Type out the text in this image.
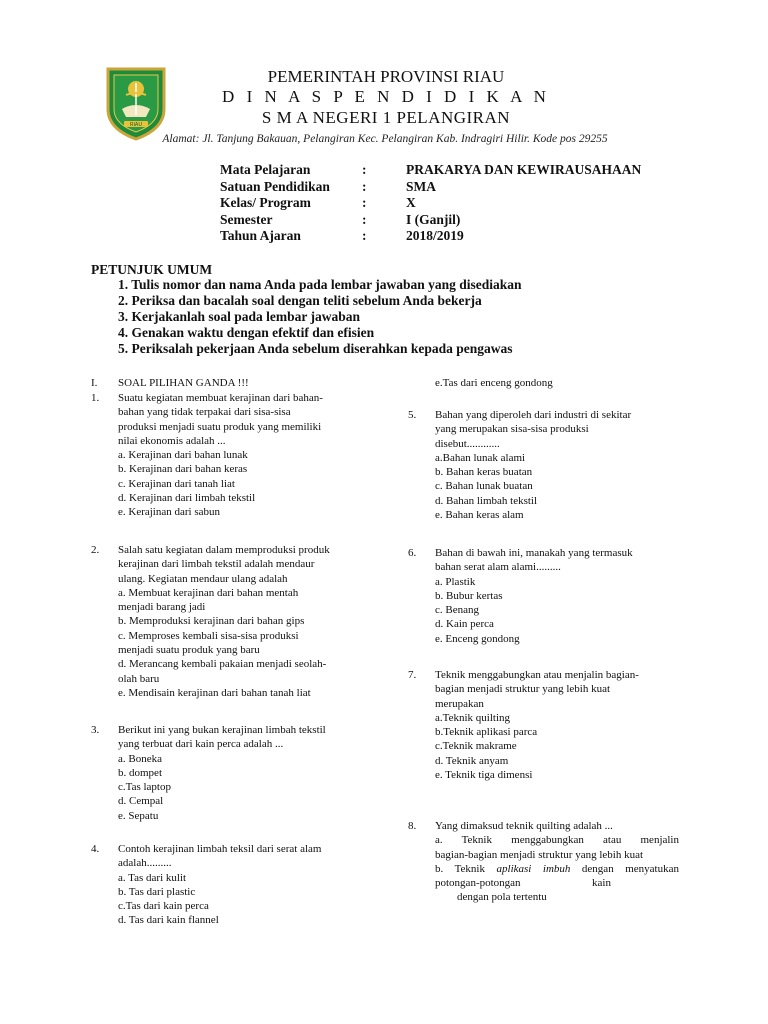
RIAU
PEMERINTAH PROVINSI RIAU
D I N A S P E N D I D I K A N
S M A NEGERI 1 PELANGIRAN
Alamat: Jl. Tanjung Bakauan, Pelangiran Kec. Pelangiran Kab. Indragiri Hilir. Kode pos 29255
Mata Pelajaran	:	PRAKARYA DAN KEWIRAUSAHAAN
Satuan Pendidikan :	SMA
Kelas/ Program	:	X
Semester	:	I (Ganjil)
Tahun Ajaran	:	2018/2019
PETUNJUK UMUM
1. Tulis nomor dan nama Anda pada lembar jawaban yang disediakan
2. Periksa dan bacalah soal dengan teliti sebelum Anda bekerja
3. Kerjakanlah soal pada lembar jawaban
4. Genakan waktu dengan efektif dan efisien
5. Periksalah pekerjaan Anda sebelum diserahkan kepada pengawas
I. SOAL PILIHAN GANDA !!!
1. Suatu kegiatan membuat kerajinan dari bahan-
bahan yang tidak terpakai dari sisa-sisa
produksi menjadi suatu produk yang memiliki
nilai ekonomis adalah ...
a. Kerajinan dari bahan lunak
b. Kerajinan dari bahan keras
c. Kerajinan dari tanah liat
d. Kerajinan dari limbah tekstil
e. Kerajinan dari sabun
2. Salah satu kegiatan dalam memproduksi produk
kerajinan dari limbah tekstil adalah mendaur
ulang. Kegiatan mendaur ulang adalah
a. Membuat kerajinan dari bahan mentah
menjadi barang jadi
b. Memproduksi kerajinan dari bahan gips
c. Memproses kembali sisa-sisa produksi
menjadi suatu produk yang baru
d. Merancang kembali pakaian menjadi seolah-
olah baru
e. Mendisain kerajinan dari bahan tanah liat
3. Berikut ini yang bukan kerajinan limbah tekstil
yang terbuat dari kain perca adalah ...
a. Boneka
b. dompet
c.Tas laptop
d. Cempal
e. Sepatu
4. Contoh kerajinan limbah teksil dari serat alam
adalah.........
a. Tas dari kulit
b. Tas dari plastic
c.Tas dari kain perca
d. Tas dari kain flannel
e.Tas dari enceng gondong
5. Bahan yang diperoleh dari industri di sekitar
yang merupakan sisa-sisa produksi
disebut............
a.Bahan lunak alami
b. Bahan keras buatan
c. Bahan lunak buatan
d. Bahan limbah tekstil
e. Bahan keras alam
6. Bahan di bawah ini, manakah yang termasuk
bahan serat alam alami.........
a. Plastik
b. Bubur kertas
c. Benang
d. Kain perca
e. Enceng gondong
7. Teknik menggabungkan atau menjalin bagian-
bagian menjadi struktur yang lebih kuat
merupakan
a.Teknik quilting
b.Teknik aplikasi parca
c.Teknik makrame
d. Teknik anyam
e. Teknik tiga dimensi
8. Yang dimaksud teknik quilting adalah ...
a. Teknik menggabungkan atau menjalin
bagian-bagian menjadi struktur yang lebih kuat
b. Teknik aplikasi imbuh dengan menyatukan
potongan-potongan                          kain
dengan pola tertentu
